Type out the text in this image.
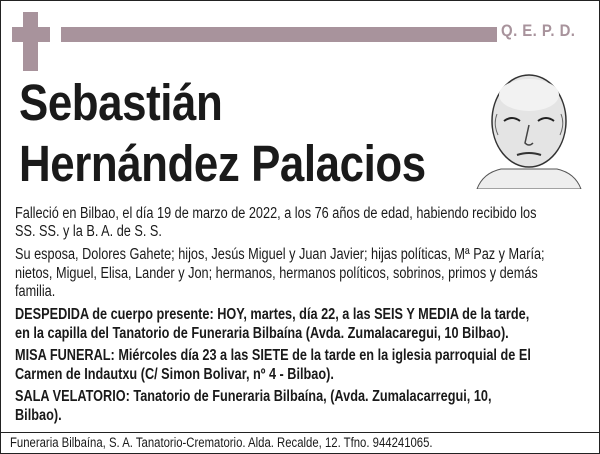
Q. E. P. D.
Sebastián
Hernández Palacios
Falleció en Bilbao, el día 19 de marzo de 2022, a los 76 años de edad, habiendo recibido los
SS. SS. y la B. A. de S. S.
Su esposa, Dolores Gahete; hijos, Jesús Miguel y Juan Javier; hijas políticas, Mª Paz y María;
nietos, Miguel, Elisa, Lander y Jon; hermanos, hermanos políticos, sobrinos, primos y demás
familia.
DESPEDIDA de cuerpo presente: HOY, martes, día 22, a las SEIS Y MEDIA de la tarde,
en la capilla del Tanatorio de Funeraria Bilbaína (Avda. Zumalacaregui, 10 Bilbao).
MISA FUNERAL: Miércoles día 23 a las SIETE de la tarde en la iglesia parroquial de El
Carmen de Indautxu (C/ Simon Bolivar, nº 4 - Bilbao).
SALA VELATORIO: Tanatorio de Funeraria Bilbaína, (Avda. Zumalacarregui, 10,
Bilbao).
Funeraria Bilbaína, S. A. Tanatorio-Crematorio. Alda. Recalde, 12. Tfno. 944241065.
